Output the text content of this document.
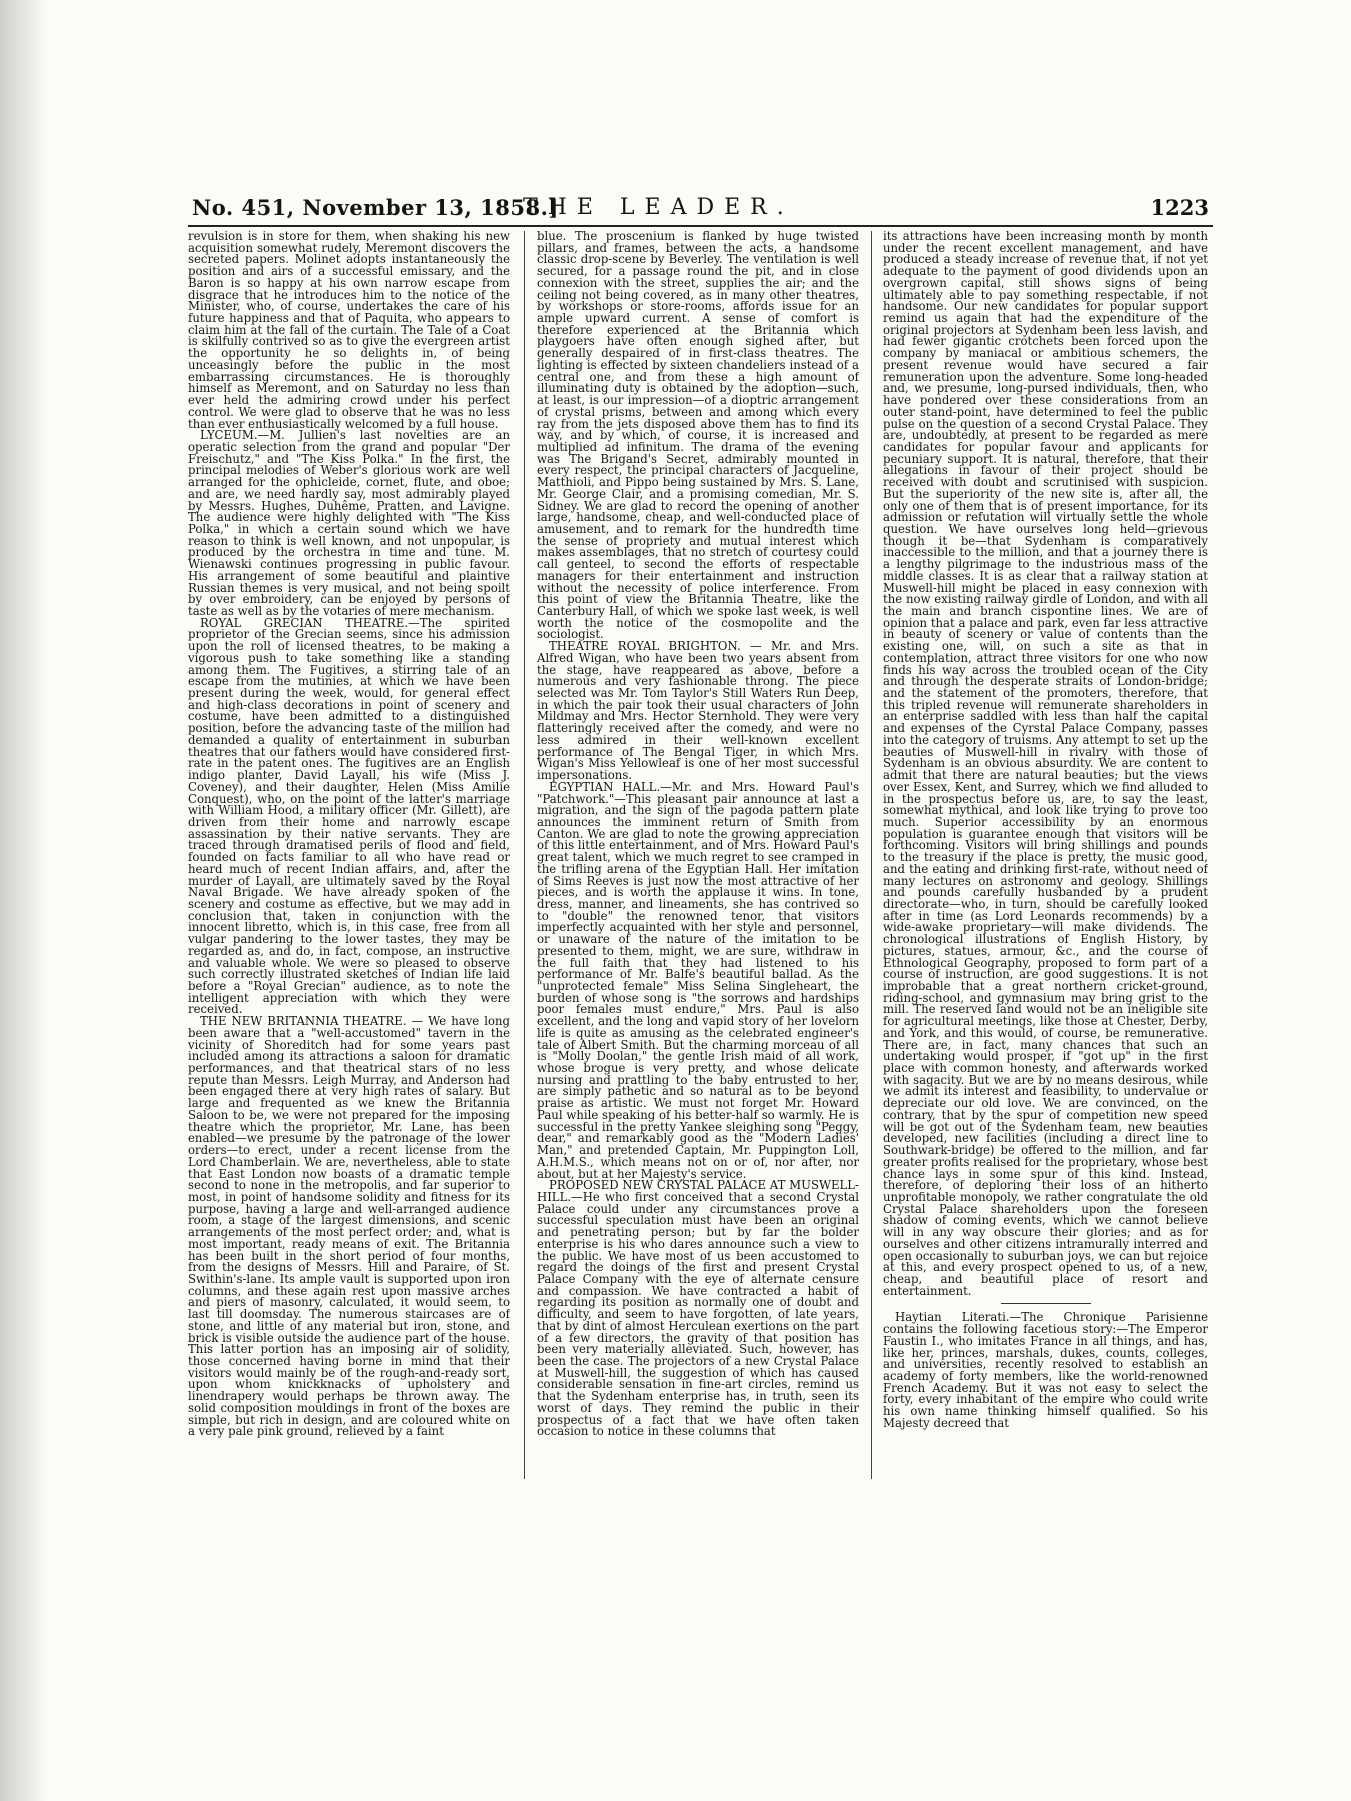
No. 451, November 13, 1858.]
THE LEADER.	1223

revulsion is in store for them, when shaking his new acquisition somewhat rudely, Meremont discovers the secreted papers. Molinet adopts instantaneously the position and airs of a successful emissary, and the Baron is so happy at his own narrow escape from disgrace that he introduces him to the notice of the Minister, who, of course, undertakes the care of his future happiness and that of Paquita, who appears to claim him at the fall of the curtain. The Tale of a Coat is skilfully contrived so as to give the evergreen artist the opportunity he so delights in, of being unceasingly before the public in the most embarrassing circumstances. He is thoroughly himself as Meremont, and on Saturday no less than ever held the admiring crowd under his perfect control. We were glad to observe that he was no less than ever enthusiastically welcomed by a full house.

LYCEUM.—M. Jullien's last novelties are an operatic selection from the grand and popular "Der Freischutz," and "The Kiss Polka." In the first, the principal melodies of Weber's glorious work are well arranged for the ophicleide, cornet, flute, and oboe; and are, we need hardly say, most admirably played by Messrs. Hughes, Duhême, Pratten, and Lavigne. The audience were highly delighted with "The Kiss Polka," in which a certain sound which we have reason to think is well known, and not unpopular, is produced by the orchestra in time and tune. M. Wienawski continues progressing in public favour. His arrangement of some beautiful and plaintive Russian themes is very musical, and not being spoilt by over embroidery, can be enjoyed by persons of taste as well as by the votaries of mere mechanism.

ROYAL GRECIAN THEATRE.—The spirited proprietor of the Grecian seems, since his admission upon the roll of licensed theatres, to be making a vigorous push to take something like a standing among them. The Fugitives, a stirring tale of an escape from the mutinies, at which we have been present during the week, would, for general effect and high-class decorations in point of scenery and costume, have been admitted to a distinguished position, before the advancing taste of the million had demanded a quality of entertainment in suburban theatres that our fathers would have considered first-rate in the patent ones. The fugitives are an English indigo planter, David Layall, his wife (Miss J. Coveney), and their daughter, Helen (Miss Amilie Conquest), who, on the point of the latter's marriage with William Hood, a military officer (Mr. Gillett), are driven from their home and narrowly escape assassination by their native servants. They are traced through dramatised perils of flood and field, founded on facts familiar to all who have read or heard much of recent Indian affairs, and, after the murder of Layall, are ultimately saved by the Royal Naval Brigade. We have already spoken of the scenery and costume as effective, but we may add in conclusion that, taken in conjunction with the innocent libretto, which is, in this case, free from all vulgar pandering to the lower tastes, they may be regarded as, and do, in fact, compose, an instructive and valuable whole. We were so pleased to observe such correctly illustrated sketches of Indian life laid before a "Royal Grecian" audience, as to note the intelligent appreciation with which they were received.

THE NEW BRITANNIA THEATRE. — We have long been aware that a "well-accustomed" tavern in the vicinity of Shoreditch had for some years past included among its attractions a saloon for dramatic performances, and that theatrical stars of no less repute than Messrs. Leigh Murray, and Anderson had been engaged there at very high rates of salary. But large and frequented as we knew the Britannia Saloon to be, we were not prepared for the imposing theatre which the proprietor, Mr. Lane, has been enabled—we presume by the patronage of the lower orders—to erect, under a recent license from the Lord Chamberlain. We are, nevertheless, able to state that East London now boasts of a dramatic temple second to none in the metropolis, and far superior to most, in point of handsome solidity and fitness for its purpose, having a large and well-arranged audience room, a stage of the largest dimensions, and scenic arrangements of the most perfect order; and, what is most important, ready means of exit. The Britannia has been built in the short period of four months, from the designs of Messrs. Hill and Paraire, of St. Swithin's-lane. Its ample vault is supported upon iron columns, and these again rest upon massive arches and piers of masonry, calculated, it would seem, to last till doomsday. The numerous staircases are of stone, and little of any material but iron, stone, and brick is visible outside the audience part of the house. This latter portion has an imposing air of solidity, those concerned having borne in mind that their visitors would mainly be of the rough-and-ready sort, upon whom knickknacks of upholstery and linendrapery would perhaps be thrown away. The solid composition mouldings in front of the boxes are simple, but rich in design, and are coloured white on a very pale pink ground, relieved by a faint

blue. The proscenium is flanked by huge twisted pillars, and frames, between the acts, a handsome classic drop-scene by Beverley. The ventilation is well secured, for a passage round the pit, and in close connexion with the street, supplies the air; and the ceiling not being covered, as in many other theatres, by workshops or store-rooms, affords issue for an ample upward current. A sense of comfort is therefore experienced at the Britannia which playgoers have often enough sighed after, but generally despaired of in first-class theatres. The lighting is effected by sixteen chandeliers instead of a central one, and from these a high amount of illuminating duty is obtained by the adoption—such, at least, is our impression—of a dioptric arrangement of crystal prisms, between and among which every ray from the jets disposed above them has to find its way, and by which, of course, it is increased and multiplied ad infinitum. The drama of the evening was The Brigand's Secret, admirably mounted in every respect, the principal characters of Jacqueline, Matthioli, and Pippo being sustained by Mrs. S. Lane, Mr. George Clair, and a promising comedian, Mr. S. Sidney. We are glad to record the opening of another large, handsome, cheap, and well-conducted place of amusement, and to remark for the hundredth time the sense of propriety and mutual interest which makes assemblages, that no stretch of courtesy could call genteel, to second the efforts of respectable managers for their entertainment and instruction without the necessity of police interference. From this point of view the Britannia Theatre, like the Canterbury Hall, of which we spoke last week, is well worth the notice of the cosmopolite and the sociologist.

THEATRE ROYAL BRIGHTON. — Mr. and Mrs. Alfred Wigan, who have been two years absent from the stage, have reappeared as above, before a numerous and very fashionable throng. The piece selected was Mr. Tom Taylor's Still Waters Run Deep, in which the pair took their usual characters of John Mildmay and Mrs. Hector Sternhold. They were very flatteringly received after the comedy, and were no less admired in their well-known excellent performance of The Bengal Tiger, in which Mrs. Wigan's Miss Yellowleaf is one of her most successful impersonations.

EGYPTIAN HALL.—Mr. and Mrs. Howard Paul's "Patchwork."—This pleasant pair announce at last a migration, and the sign of the pagoda pattern plate announces the imminent return of Smith from Canton. We are glad to note the growing appreciation of this little entertainment, and of Mrs. Howard Paul's great talent, which we much regret to see cramped in the trifling arena of the Egyptian Hall. Her imitation of Sims Reeves is just now the most attractive of her pieces, and is worth the applause it wins. In tone, dress, manner, and lineaments, she has contrived so to "double" the renowned tenor, that visitors imperfectly acquainted with her style and personnel, or unaware of the nature of the imitation to be presented to them, might, we are sure, withdraw in the full faith that they had listened to his performance of Mr. Balfe's beautiful ballad. As the "unprotected female" Miss Selina Singleheart, the burden of whose song is "the sorrows and hardships poor females must endure," Mrs. Paul is also excellent, and the long and vapid story of her lovelorn life is quite as amusing as the celebrated engineer's tale of Albert Smith. But the charming morceau of all is "Molly Doolan," the gentle Irish maid of all work, whose brogue is very pretty, and whose delicate nursing and prattling to the baby entrusted to her, are simply pathetic and so natural as to be beyond praise as artistic. We must not forget Mr. Howard Paul while speaking of his better-half so warmly. He is successful in the pretty Yankee sleighing song "Peggy, dear," and remarkably good as the "Modern Ladies' Man," and pretended Captain, Mr. Puppington Loll, A.H.M.S., which means not on or of, nor after, nor about, but at her Majesty's service.

PROPOSED NEW CRYSTAL PALACE AT MUSWELL-HILL.—He who first conceived that a second Crystal Palace could under any circumstances prove a successful speculation must have been an original and penetrating person; but by far the bolder enterprise is his who dares announce such a view to the public. We have most of us been accustomed to regard the doings of the first and present Crystal Palace Company with the eye of alternate censure and compassion. We have contracted a habit of regarding its position as normally one of doubt and difficulty, and seem to have forgotten, of late years, that by dint of almost Herculean exertions on the part of a few directors, the gravity of that position has been very materially alleviated. Such, however, has been the case. The projectors of a new Crystal Palace at Muswell-hill, the suggestion of which has caused considerable sensation in fine-art circles, remind us that the Sydenham enterprise has, in truth, seen its worst of days. They remind the public in their prospectus of a fact that we have often taken occasion to notice in these columns that

its attractions have been increasing month by month under the recent excellent management, and have produced a steady increase of revenue that, if not yet adequate to the payment of good dividends upon an overgrown capital, still shows signs of being ultimately able to pay something respectable, if not handsome. Our new candidates for popular support remind us again that had the expenditure of the original projectors at Sydenham been less lavish, and had fewer gigantic crotchets been forced upon the company by maniacal or ambitious schemers, the present revenue would have secured a fair remuneration upon the adventure. Some long-headed and, we presume, long-pursed individuals, then, who have pondered over these considerations from an outer stand-point, have determined to feel the public pulse on the question of a second Crystal Palace. They are, undoubtedly, at present to be regarded as mere candidates for popular favour and applicants for pecuniary support. It is natural, therefore, that their allegations in favour of their project should be received with doubt and scrutinised with suspicion. But the superiority of the new site is, after all, the only one of them that is of present importance, for its admission or refutation will virtually settle the whole question. We have ourselves long held—grievous though it be—that Sydenham is comparatively inaccessible to the million, and that a journey there is a lengthy pilgrimage to the industrious mass of the middle classes. It is as clear that a railway station at Muswell-hill might be placed in easy connexion with the now existing railway girdle of London, and with all the main and branch cispontine lines. We are of opinion that a palace and park, even far less attractive in beauty of scenery or value of contents than the existing one, will, on such a site as that in contemplation, attract three visitors for one who now finds his way across the troubled ocean of the City and through the desperate straits of London-bridge; and the statement of the promoters, therefore, that this tripled revenue will remunerate shareholders in an enterprise saddled with less than half the capital and expenses of the Cyrstal Palace Company, passes into the category of truisms. Any attempt to set up the beauties of Muswell-hill in rivalry with those of Sydenham is an obvious absurdity. We are content to admit that there are natural beauties; but the views over Essex, Kent, and Surrey, which we find alluded to in the prospectus before us, are, to say the least, somewhat mythical, and look like trying to prove too much. Superior accessibility by an enormous population is guarantee enough that visitors will be forthcoming. Visitors will bring shillings and pounds to the treasury if the place is pretty, the music good, and the eating and drinking first-rate, without need of many lectures on astronomy and geology. Shillings and pounds carefully husbanded by a prudent directorate—who, in turn, should be carefully looked after in time (as Lord Leonards recommends) by a wide-awake proprietary—will make dividends. The chronological illustrations of English History, by pictures, statues, armour, &c., and the course of Ethnological Geography, proposed to form part of a course of instruction, are good suggestions. It is not improbable that a great northern cricket-ground, riding-school, and gymnasium may bring grist to the mill. The reserved land would not be an ineligible site for agricultural meetings, like those at Chester, Derby, and York, and this would, of course, be remunerative. There are, in fact, many chances that such an undertaking would prosper, if "got up" in the first place with common honesty, and afterwards worked with sagacity. But we are by no means desirous, while we admit its interest and feasibility, to undervalue or depreciate our old love. We are convinced, on the contrary, that by the spur of competition new speed will be got out of the Sydenham team, new beauties developed, new facilities (including a direct line to Southwark-bridge) be offered to the million, and far greater profits realised for the proprietary, whose best chance lays in some spur of this kind. Instead, therefore, of deploring their loss of an hitherto unprofitable monopoly, we rather congratulate the old Crystal Palace shareholders upon the foreseen shadow of coming events, which we cannot believe will in any way obscure their glories; and as for ourselves and other citizens intramurally interred and open occasionally to suburban joys, we can but rejoice at this, and every prospect opened to us, of a new, cheap, and beautiful place of resort and entertainment.

Haytian Literati.—The Chronique Parisienne contains the following facetious story:—The Emperor Faustin I., who imitates France in all things, and has, like her, princes, marshals, dukes, counts, colleges, and universities, recently resolved to establish an academy of forty members, like the world-renowned French Academy. But it was not easy to select the forty, every inhabitant of the empire who could write his own name thinking himself qualified. So his Majesty decreed that
